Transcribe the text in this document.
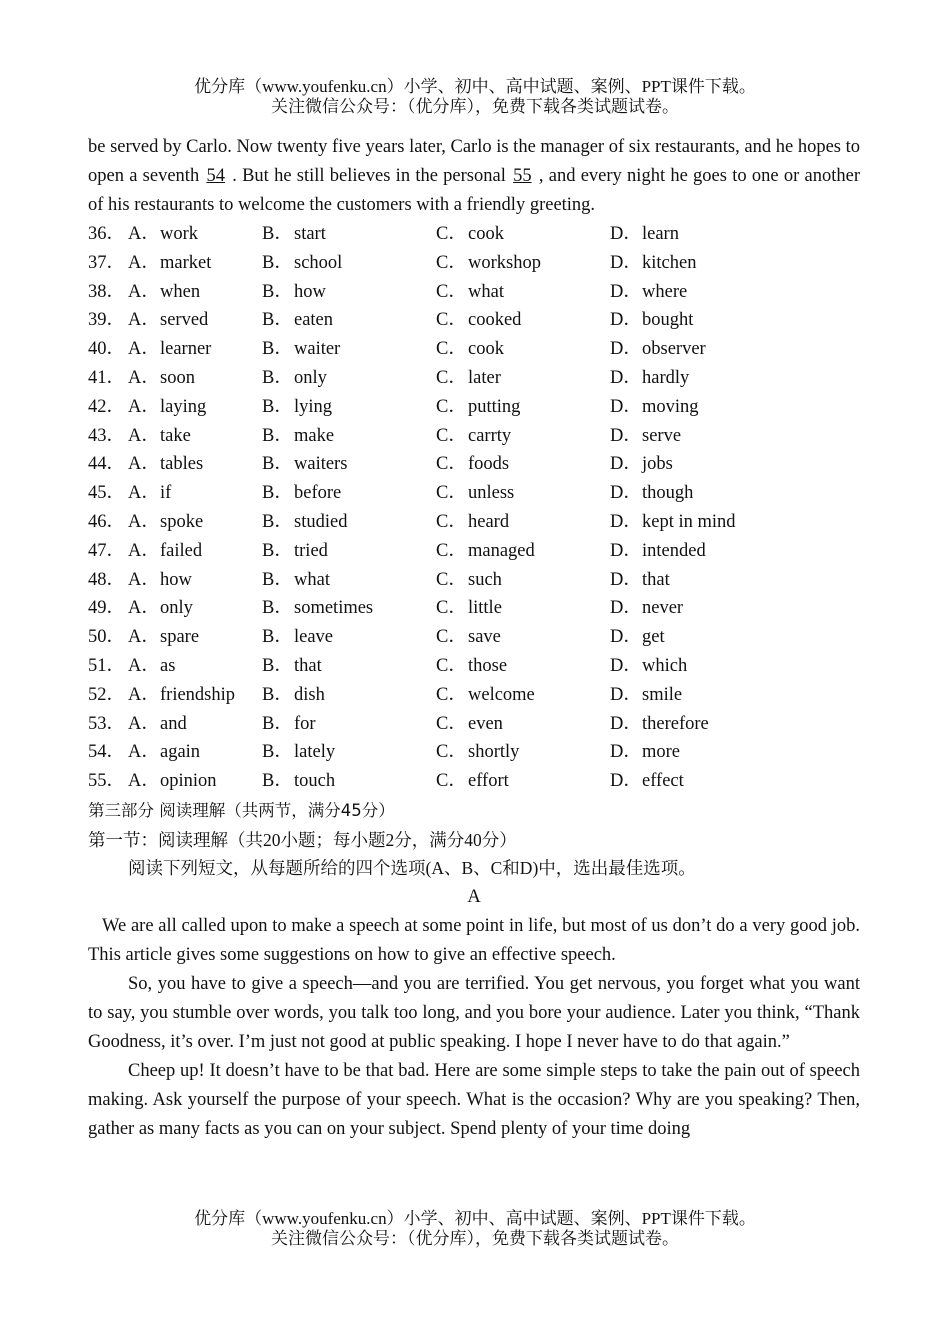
优分库（www.youfenku.cn）小学、初中、高中试题、案例、PPT课件下载。
关注微信公众号：（优分库），免费下载各类试题试卷。

be served by Carlo. Now twenty five years later, Carlo is the manager of six restaurants, and he hopes to open a seventh 54 . But he still believes in the personal 55 , and every night he goes to one or another of his restaurants to welcome the customers with a friendly greeting.

36． A．work	B．start	C．cook	D．learn
37． A．market	B．school	C．workshop	D．kitchen
38． A．when	B．how	C．what	D．where
39． A．served	B．eaten	C．cooked	D．bought
40． A．learner	B．waiter	C．cook	D．observer
41． A．soon	B．only	C．later	D．hardly
42． A．laying	B．lying	C．putting	D．moving
43． A．take	B．make	C．carrty	D．serve
44． A．tables	B．waiters	C．foods	D．jobs
45． A．if	B．before	C．unless	D．though
46． A．spoke	B．studied	C．heard	D．kept in mind
47． A．failed	B．tried	C．managed	D．intended
48． A．how	B．what	C．such	D．that
49． A．only	B．sometimes	C．little	D．never
50． A．spare	B．leave	C．save	D．get
51． A．as	B．that	C．those	D．which
52． A．friendship	B．dish	C．welcome	D．smile
53． A．and	B．for	C．even	D．therefore
54． A．again	B．lately	C．shortly	D．more
55． A．opinion	B．touch	C．effort	D．effect

第三部分 阅读理解（共两节，满分45分）

第一节：阅读理解（共20小题；每小题2分，满分40分）

阅读下列短文，从每题所给的四个选项(A、B、C和D)中，选出最佳选项。

A

We are all called upon to make a speech at some point in life, but most of us don’t do a very good job. This article gives some suggestions on how to give an effective speech.

So, you have to give a speech—and you are terrified. You get nervous, you forget what you want to say, you stumble over words, you talk too long, and you bore your audience. Later you think, “Thank Goodness, it’s over. I’m just not good at public speaking. I hope I never have to do that again.”

Cheep up! It doesn’t have to be that bad. Here are some simple steps to take the pain out of speech making. Ask yourself the purpose of your speech. What is the occasion? Why are you speaking? Then, gather as many facts as you can on your subject. Spend plenty of your time doing

优分库（www.youfenku.cn）小学、初中、高中试题、案例、PPT课件下载。
关注微信公众号：（优分库），免费下载各类试题试卷。
